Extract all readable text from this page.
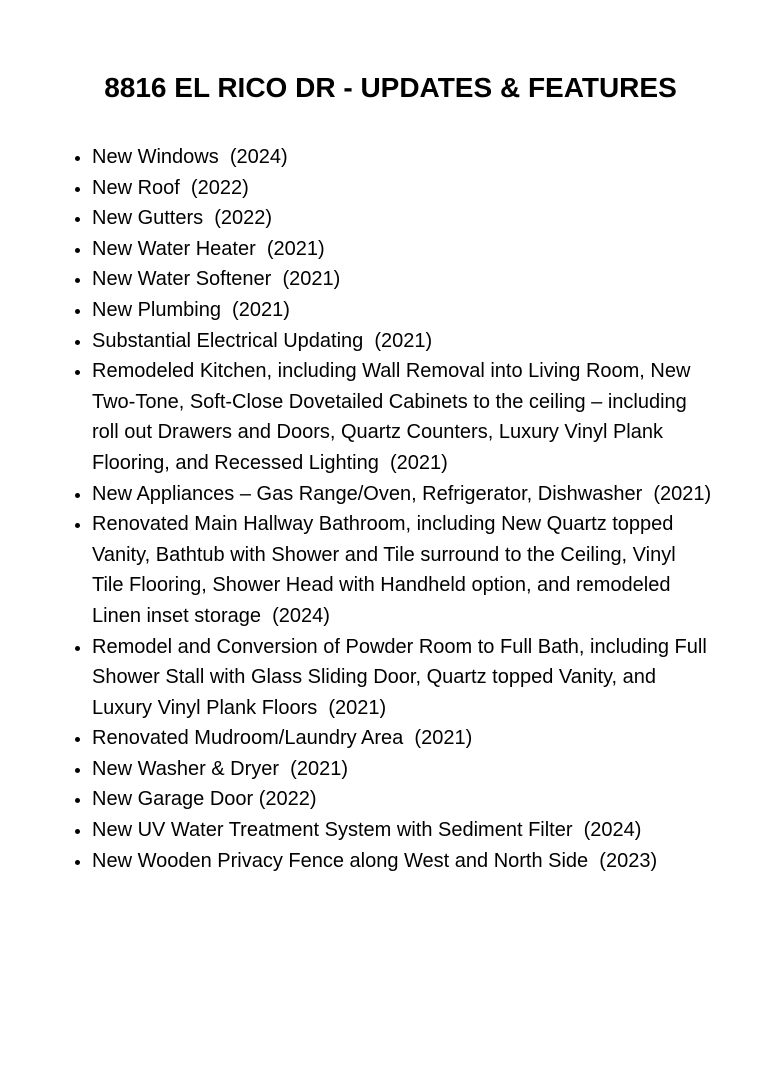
8816 EL RICO DR - UPDATES & FEATURES
• New Windows  (2024)
• New Roof  (2022)
• New Gutters  (2022)
• New Water Heater  (2021)
• New Water Softener  (2021)
• New Plumbing  (2021)
• Substantial Electrical Updating  (2021)
• Remodeled Kitchen, including Wall Removal into Living Room, New Two-Tone, Soft-Close Dovetailed Cabinets to the ceiling – including roll out Drawers and Doors, Quartz Counters, Luxury Vinyl Plank Flooring, and Recessed Lighting  (2021)
• New Appliances – Gas Range/Oven, Refrigerator, Dishwasher  (2021)
• Renovated Main Hallway Bathroom, including New Quartz topped Vanity, Bathtub with Shower and Tile surround to the Ceiling, Vinyl Tile Flooring, Shower Head with Handheld option, and remodeled Linen inset storage  (2024)
• Remodel and Conversion of Powder Room to Full Bath, including Full Shower Stall with Glass Sliding Door, Quartz topped Vanity, and Luxury Vinyl Plank Floors  (2021)
• Renovated Mudroom/Laundry Area  (2021)
• New Washer & Dryer  (2021)
• New Garage Door (2022)
• New UV Water Treatment System with Sediment Filter  (2024)
• New Wooden Privacy Fence along West and North Side  (2023)
